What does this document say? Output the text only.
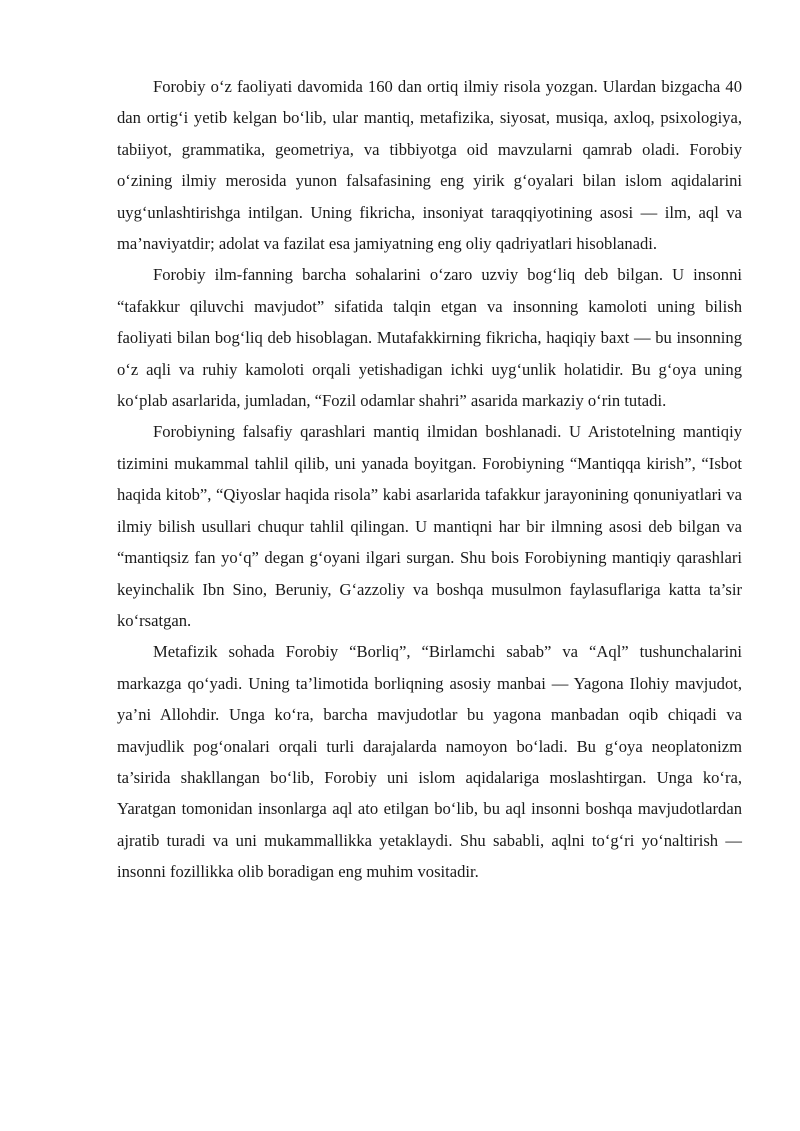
Forobiy o‘z faoliyati davomida 160 dan ortiq ilmiy risola yozgan. Ulardan bizgacha 40 dan ortig‘i yetib kelgan bo‘lib, ular mantiq, metafizika, siyosat, musiqa, axloq, psixologiya, tabiiyot, grammatika, geometriya, va tibbiyotga oid mavzularni qamrab oladi. Forobiy o‘zining ilmiy merosida yunon falsafasining eng yirik g‘oyalari bilan islom aqidalarini uyg‘unlashtirishga intilgan. Uning fikricha, insoniyat taraqqiyotining asosi — ilm, aql va ma’naviyatdir; adolat va fazilat esa jamiyatning eng oliy qadriyatlari hisoblanadi.

Forobiy ilm-fanning barcha sohalarini o‘zaro uzviy bog‘liq deb bilgan. U insonni “tafakkur qiluvchi mavjudot” sifatida talqin etgan va insonning kamoloti uning bilish faoliyati bilan bog‘liq deb hisoblagan. Mutafakkirning fikricha, haqiqiy baxt — bu insonning o‘z aqli va ruhiy kamoloti orqali yetishadigan ichki uyg‘unlik holatidir. Bu g‘oya uning ko‘plab asarlarida, jumladan, “Fozil odamlar shahri” asarida markaziy o‘rin tutadi.

Forobiyning falsafiy qarashlari mantiq ilmidan boshlanadi. U Aristotelning mantiqiy tizimini mukammal tahlil qilib, uni yanada boyitgan. Forobiyning “Mantiqqa kirish”, “Isbot haqida kitob”, “Qiyoslar haqida risola” kabi asarlarida tafakkur jarayonining qonuniyatlari va ilmiy bilish usullari chuqur tahlil qilingan. U mantiqni har bir ilmning asosi deb bilgan va “mantiqsiz fan yo‘q” degan g‘oyani ilgari surgan. Shu bois Forobiyning mantiqiy qarashlari keyinchalik Ibn Sino, Beruniy, G‘azzoliy va boshqa musulmon faylasuflariga katta ta’sir ko‘rsatgan.

Metafizik sohada Forobiy “Borliq”, “Birlamchi sabab” va “Aql” tushunchalarini markazga qo‘yadi. Uning ta’limotida borliqning asosiy manbai — Yagona Ilohiy mavjudot, ya’ni Allohdir. Unga ko‘ra, barcha mavjudotlar bu yagona manbadan oqib chiqadi va mavjudlik pog‘onalari orqali turli darajalarda namoyon bo‘ladi. Bu g‘oya neoplatonizm ta’sirida shakllangan bo‘lib, Forobiy uni islom aqidalariga moslashtirgan. Unga ko‘ra, Yaratgan tomonidan insonlarga aql ato etilgan bo‘lib, bu aql insonni boshqa mavjudotlardan ajratib turadi va uni mukammallikka yetaklaydi. Shu sababli, aqlni to‘g‘ri yo‘naltirish — insonni fozillikka olib boradigan eng muhim vositadir.
